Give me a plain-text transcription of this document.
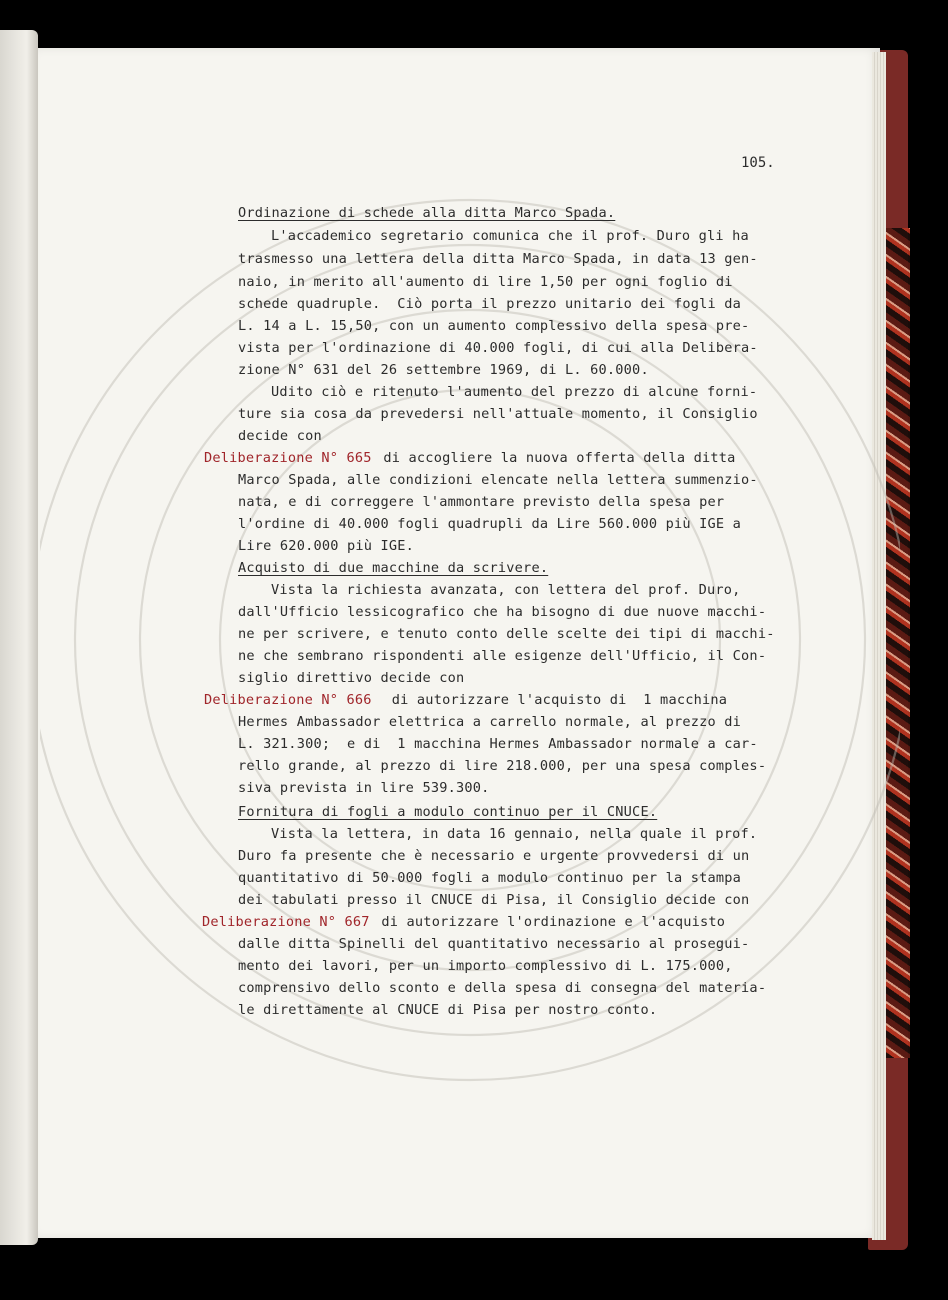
105.
Ordinazione di schede alla ditta Marco Spada.
L'accademico segretario comunica che il prof. Duro gli ha
trasmesso una lettera della ditta Marco Spada, in data 13 gen-
naio, in merito all'aumento di lire 1,50 per ogni foglio di
schede quadruple.  Ciò porta il prezzo unitario dei fogli da
L. 14 a L. 15,50, con un aumento complessivo della spesa pre-
vista per l'ordinazione di 40.000 fogli, di cui alla Delibera-
zione N° 631 del 26 settembre 1969, di L. 60.000.
Udito ciò e ritenuto l'aumento del prezzo di alcune forni-
ture sia cosa da prevedersi nell'attuale momento, il Consiglio
decide con
Deliberazione N° 665 di accogliere la nuova offerta della ditta
Marco Spada, alle condizioni elencate nella lettera summenzio-
nata, e di correggere l'ammontare previsto della spesa per
l'ordine di 40.000 fogli quadrupli da Lire 560.000 più IGE a
Lire 620.000 più IGE.
Acquisto di due macchine da scrivere.
Vista la richiesta avanzata, con lettera del prof. Duro,
dall'Ufficio lessicografico che ha bisogno di due nuove macchi-
ne per scrivere, e tenuto conto delle scelte dei tipi di macchi-
ne che sembrano rispondenti alle esigenze dell'Ufficio, il Con-
siglio direttivo decide con
Deliberazione N° 666 di autorizzare l'acquisto di  1 macchina
Hermes Ambassador elettrica a carrello normale, al prezzo di
L. 321.300;  e di  1 macchina Hermes Ambassador normale a car-
rello grande, al prezzo di lire 218.000, per una spesa comples-
siva prevista in lire 539.300.
Fornitura di fogli a modulo continuo per il CNUCE.
Vista la lettera, in data 16 gennaio, nella quale il prof.
Duro fa presente che è necessario e urgente provvedersi di un
quantitativo di 50.000 fogli a modulo continuo per la stampa
dei tabulati presso il CNUCE di Pisa, il Consiglio decide con
Deliberazione N° 667 di autorizzare l'ordinazione e l'acquisto
dalle ditta Spinelli del quantitativo necessario al prosegui-
mento dei lavori, per un importo complessivo di L. 175.000,
comprensivo dello sconto e della spesa di consegna del materia-
le direttamente al CNUCE di Pisa per nostro conto.
